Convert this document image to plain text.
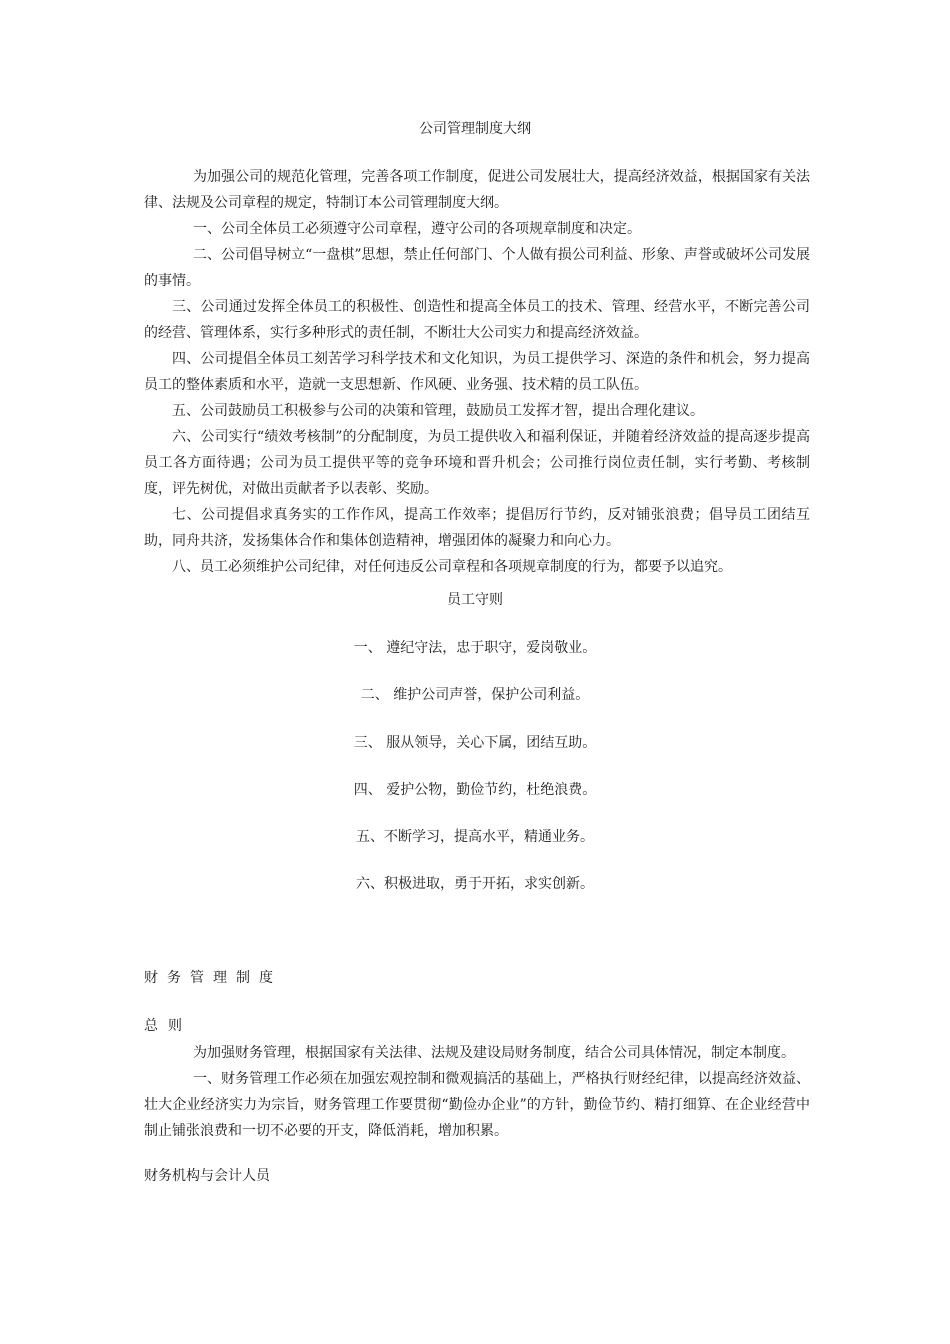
公司管理制度大纲

为加强公司的规范化管理，完善各项工作制度，促进公司发展壮大，提高经济效益，根据国家有关法律、法规及公司章程的规定，特制订本公司管理制度大纲。

一、公司全体员工必须遵守公司章程，遵守公司的各项规章制度和决定。

二、公司倡导树立“一盘棋”思想，禁止任何部门、个人做有损公司利益、形象、声誉或破坏公司发展的事情。

三、公司通过发挥全体员工的积极性、创造性和提高全体员工的技术、管理、经营水平，不断完善公司的经营、管理体系，实行多种形式的责任制，不断壮大公司实力和提高经济效益。

四、公司提倡全体员工刻苦学习科学技术和文化知识，为员工提供学习、深造的条件和机会，努力提高员工的整体素质和水平，造就一支思想新、作风硬、业务强、技术精的员工队伍。

五、公司鼓励员工积极参与公司的决策和管理，鼓励员工发挥才智，提出合理化建议。

六、公司实行“绩效考核制”的分配制度，为员工提供收入和福利保证，并随着经济效益的提高逐步提高员工各方面待遇；公司为员工提供平等的竞争环境和晋升机会；公司推行岗位责任制，实行考勤、考核制度，评先树优，对做出贡献者予以表彰、奖励。

七、公司提倡求真务实的工作作风，提高工作效率；提倡厉行节约，反对铺张浪费；倡导员工团结互助，同舟共济，发扬集体合作和集体创造精神，增强团体的凝聚力和向心力。

八、员工必须维护公司纪律，对任何违反公司章程和各项规章制度的行为，都要予以追究。

员工守则
一、 遵纪守法，忠于职守，爱岗敬业。
二、 维护公司声誉，保护公司利益。
三、 服从领导，关心下属，团结互助。
四、 爱护公物，勤俭节约，杜绝浪费。
五、不断学习，提高水平，精通业务。
六、积极进取，勇于开拓，求实创新。
财务管理制度
总 则

为加强财务管理，根据国家有关法律、法规及建设局财务制度，结合公司具体情况，制定本制度。

一、财务管理工作必须在加强宏观控制和微观搞活的基础上，严格执行财经纪律，以提高经济效益、壮大企业经济实力为宗旨，财务管理工作要贯彻“勤俭办企业”的方针，勤俭节约、精打细算、在企业经营中制止铺张浪费和一切不必要的开支，降低消耗，增加积累。

财务机构与会计人员
